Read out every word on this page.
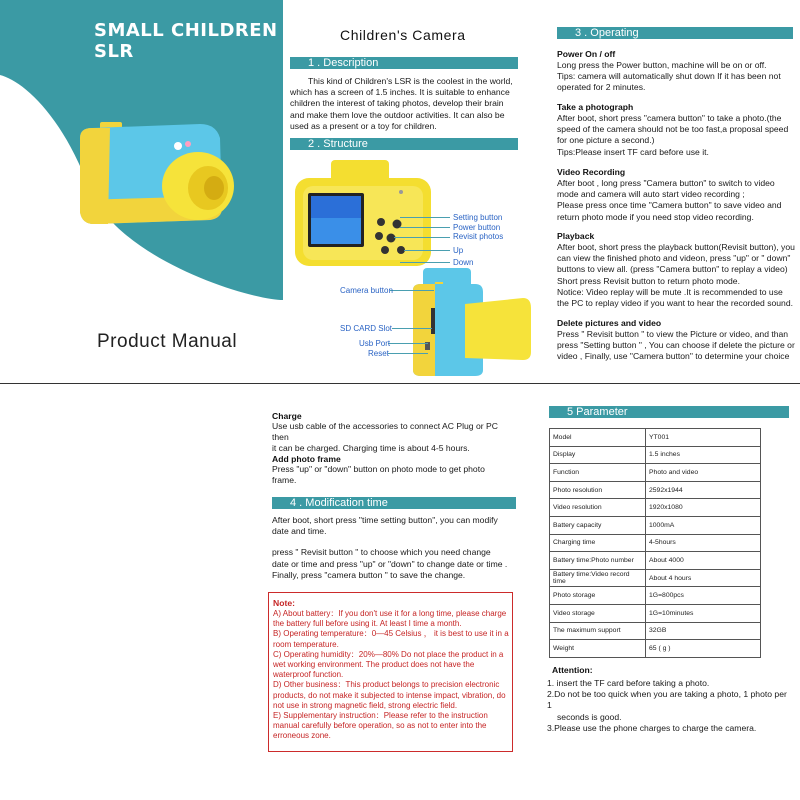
SMALL CHILDREN SLR
Product Manual
Children's Camera
1 . Description
This kind of Children's LSR is the coolest in the world, which has a screen of 1.5 inches. It is suitable to enhance children the interest of taking photos, develop their brain and make them love the outdoor activities. It can also be used as a present or a toy for children.
2 . Structure
Setting button
Power button
Revisit photos
Up
Down
Camera button
SD CARD Slot
Usb Port
Reset
3 . Operating
Power On / off
Long press the Power button, machine will be on or off.
Tips: camera will automatically shut down If it has been not
operated for 2 minutes.
Take a photograph
After boot, short press "camera button" to take a photo.(the
speed of the camera should not be too fast,a proposal speed
for one picture a second.)
Tips:Please insert TF card before use it.
Video Recording
After boot , long press "Camera button" to switch to video
mode and camera will auto start video recording ;
Please press once time "Camera button" to save video and
return photo mode if you need stop video recording.
Playback
After boot, short press the playback button(Revisit button), you
can view the finished photo and videon, press "up" or " down"
buttons to view all. (press "Camera button" to replay a video)
Short press Revisit button to return photo mode.
Notice: Video replay will be mute .It is recommended to use
the PC to replay video if you want to hear the recorded sound.
Delete pictures and video
Press " Revisit button " to view the Picture or video, and than
press "Setting button " , You can choose if delete the picture or
video , Finally, use "Camera button" to determine your choice
Charge
Use usb cable of the accessories to connect AC Plug or PC then
it can be charged. Charging time is about 4-5 hours.
Add photo frame
Press "up" or "down" button on photo mode to get photo
frame.
4 . Modification time
After boot, short press "time setting button", you can modify
date and time.
press " Revisit button " to choose which you need change
date or time and press "up" or "down" to change date or time .
Finally, press "camera button " to save the change.
Note:
A) About battery：If you don't use it for a long time, please charge the battery full before using it. At least I time a month.
B) Operating temperature：0—45 Celsius ， it is best to use it in a room temperature.
C) Operating humidity：20%—80% Do not place the product in a wet working environment. The product does not have the waterproof function.
D) Other business：This product belongs to precision electronic products, do not make it subjected to intense impact, vibration, do not use in strong magnetic field, strong electric field.
E) Supplementary instruction：Please refer to the instruction manual carefully before operation, so as not to enter into the erroneous zone.
5 Parameter
Model	YT001
Display	1.5 inches
Function	Photo and video
Photo resolution	2592x1944
Video resolution	1920x1080
Battery capacity	1000mA
Charging time	4-5hours
Battery time:Photo number	About 4000
Battery time:Video record time	About 4 hours
Photo storage	1G=800pcs
Video storage	1G=10minutes
The maximum support	32GB
Weight	65 ( g )
Attention:
1. insert the TF card before taking a photo.
2.Do not be too quick when you are taking a photo, 1 photo per 1
seconds is good.
3.Please use the phone charges to charge the camera.
